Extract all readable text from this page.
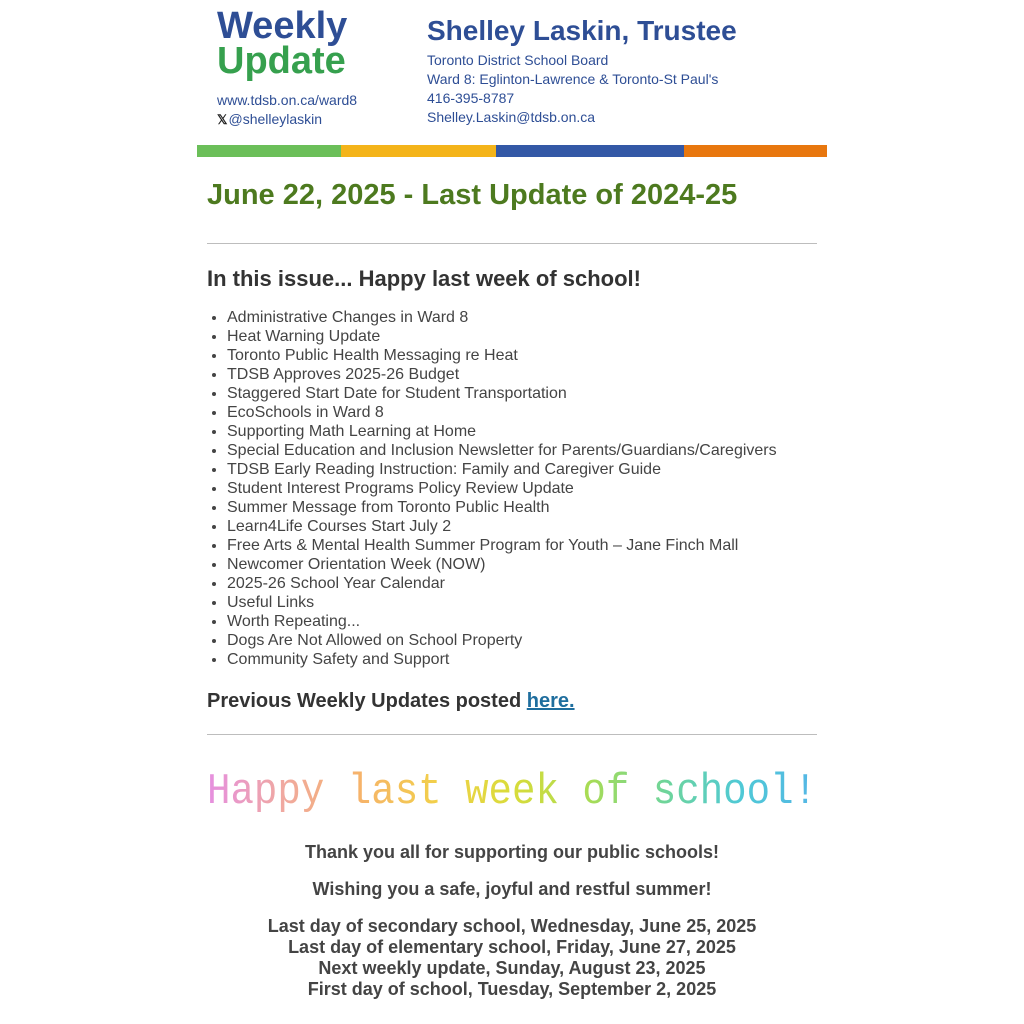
Weekly
Update
www.tdsb.on.ca/ward8
𝕏 @shelleylaskin
Shelley Laskin, Trustee
Toronto District School Board
Ward 8: Eglinton-Lawrence & Toronto-St Paul's
416-395-8787
Shelley.Laskin@tdsb.on.ca
June 22, 2025 - Last Update of 2024-25
In this issue... Happy last week of school!
• Administrative Changes in Ward 8
• Heat Warning Update
• Toronto Public Health Messaging re Heat
• TDSB Approves 2025-26 Budget
• Staggered Start Date for Student Transportation
• EcoSchools in Ward 8
• Supporting Math Learning at Home
• Special Education and Inclusion Newsletter for Parents/Guardians/Caregivers
• TDSB Early Reading Instruction: Family and Caregiver Guide
• Student Interest Programs Policy Review Update
• Summer Message from Toronto Public Health
• Learn4Life Courses Start July 2
• Free Arts & Mental Health Summer Program for Youth – Jane Finch Mall
• Newcomer Orientation Week (NOW)
• 2025-26 School Year Calendar
• Useful Links
• Worth Repeating...
• Dogs Are Not Allowed on School Property
• Community Safety and Support
Previous Weekly Updates posted here.
Happy last week of school!

Thank you all for supporting our public schools!

Wishing you a safe, joyful and restful summer!

Last day of secondary school, Wednesday, June 25, 2025

Last day of elementary school, Friday, June 27, 2025

Next weekly update, Sunday, August 23, 2025

First day of school, Tuesday, September 2, 2025
